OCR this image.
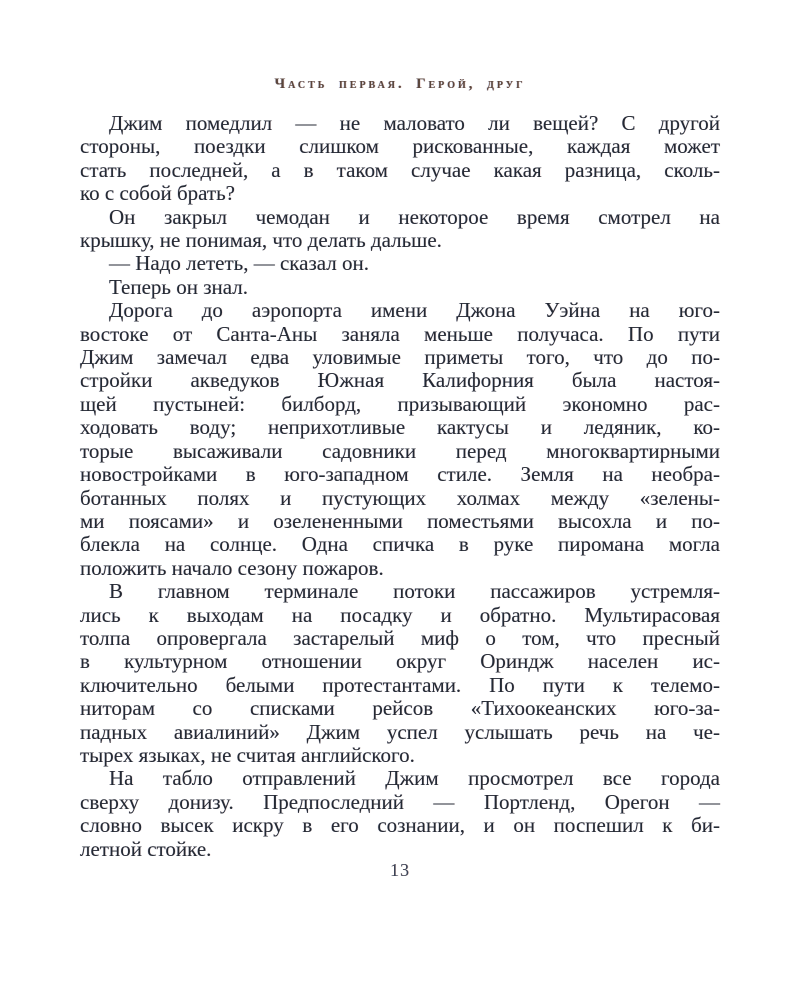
Часть первая. Герой, друг
Джим помедлил — не маловато ли вещей? С другой
стороны, поездки слишком рискованные, каждая может
стать последней, а в таком случае какая разница, сколь-
ко с собой брать?
Он закрыл чемодан и некоторое время смотрел на
крышку, не понимая, что делать дальше.
— Надо лететь, — сказал он.
Теперь он знал.
Дорога до аэропорта имени Джона Уэйна на юго-
востоке от Санта-Аны заняла меньше получаса. По пути
Джим замечал едва уловимые приметы того, что до по-
стройки акведуков Южная Калифорния была настоя-
щей пустыней: билборд, призывающий экономно рас-
ходовать воду; неприхотливые кактусы и ледяник, ко-
торые высаживали садовники перед многоквартирными
новостройками в юго-западном стиле. Земля на необра-
ботанных полях и пустующих холмах между «зелены-
ми поясами» и озелененными поместьями высохла и по-
блекла на солнце. Одна спичка в руке пиромана могла
положить начало сезону пожаров.
В главном терминале потоки пассажиров устремля-
лись к выходам на посадку и обратно. Мультирасовая
толпа опровергала застарелый миф о том, что пресный
в культурном отношении округ Ориндж населен ис-
ключительно белыми протестантами. По пути к телемо-
ниторам со списками рейсов «Тихоокеанских юго-за-
падных авиалиний» Джим успел услышать речь на че-
тырех языках, не считая английского.
На табло отправлений Джим просмотрел все города
сверху донизу. Предпоследний — Портленд, Орегон —
словно высек искру в его сознании, и он поспешил к би-
летной стойке.
13
